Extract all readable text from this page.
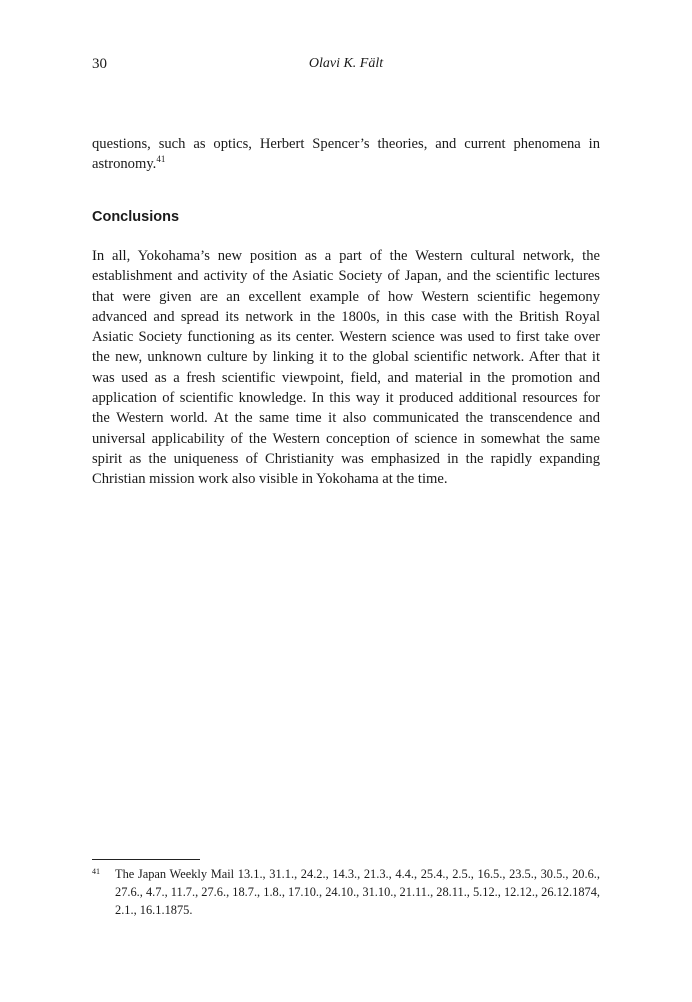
30	Olavi K. Fält

questions, such as optics, Herbert Spencer’s theories, and current phenomena in astronomy.$^{41}$

Conclusions

In all, Yokohama’s new position as a part of the Western cultural network, the establishment and activity of the Asiatic Society of Japan, and the scientific lectures that were given are an excellent example of how Western scientific hegemony advanced and spread its network in the 1800s, in this case with the British Royal Asiatic Society functioning as its center. Western science was used to first take over the new, unknown culture by linking it to the global scientific network. After that it was used as a fresh scientific viewpoint, field, and material in the promotion and application of scientific knowledge. In this way it produced additional resources for the Western world. At the same time it also communicated the transcendence and universal applicability of the Western conception of science in somewhat the same spirit as the uniqueness of Christianity was emphasized in the rapidly expanding Christian mission work also visible in Yokohama at the time.

41 The Japan Weekly Mail 13.1., 31.1., 24.2., 14.3., 21.3., 4.4., 25.4., 2.5., 16.5., 23.5., 30.5., 20.6., 27.6., 4.7., 11.7., 27.6., 18.7., 1.8., 17.10., 24.10., 31.10., 21.11., 28.11., 5.12., 12.12., 26.12.1874, 2.1., 16.1.1875.
